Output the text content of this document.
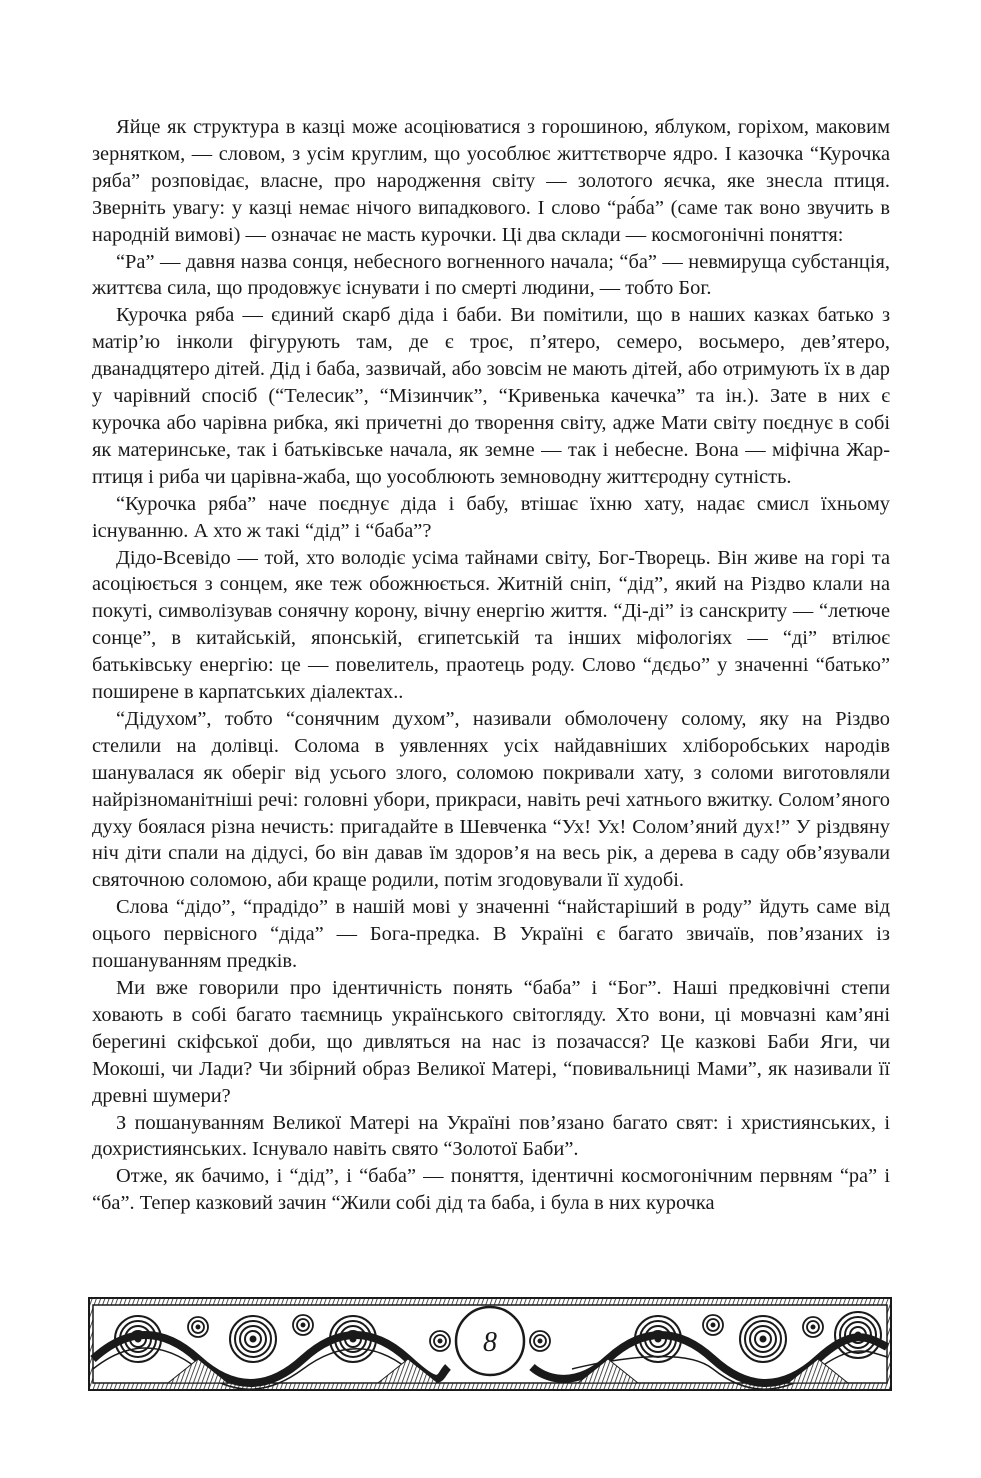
Яйце як структура в казці може асоціюватися з горошиною, яблуком, горіхом, маковим зернятком, — словом, з усім круглим, що уособлює життєтворче ядро. І казочка “Курочка ряба” розповідає, власне, про народження світу — золотого яєчка, яке знесла птиця. Зверніть увагу: у казці немає нічого випадкового. І слово “ра́ба” (саме так воно звучить в народній вимові) — означає не масть курочки. Ці два склади — космогонічні поняття:

“Ра” — давня назва сонця, небесного вогненного начала; “ба” — невмируща субстанція, життєва сила, що продовжує існувати і по смерті людини, — тобто Бог.

Курочка ряба — єдиний скарб діда і баби. Ви помітили, що в наших казках батько з матір’ю інколи фігурують там, де є троє, п’ятеро, семеро, восьмеро, дев’ятеро, дванадцятеро дітей. Дід і баба, зазвичай, або зовсім не мають дітей, або отримують їх в дар у чарівний спосіб (“Телесик”, “Мізинчик”, “Кривенька качечка” та ін.). Зате в них є курочка або чарівна рибка, які причетні до творення світу, адже Мати світу поєднує в собі як материнське, так і батьківське начала, як земне — так і небесне. Вона — міфічна Жар-птиця і риба чи царівна-жаба, що уособлюють земноводну життєродну сутність.

“Курочка ряба” наче поєднує діда і бабу, втішає їхню хату, надає смисл їхньому існуванню. А хто ж такі “дід” і “баба”?

Дідо-Всевідо — той, хто володіє усіма тайнами світу, Бог-Творець. Він живе на горі та асоціюється з сонцем, яке теж обожнюється. Житній сніп, “дід”, який на Різдво клали на покуті, символізував сонячну корону, вічну енергію життя. “Ді-ді” із санскриту — “летюче сонце”, в китайській, японській, єгипетській та інших міфологіях — “ді” втілює батьківську енергію: це — повелитель, праотець роду. Слово “дєдьо” у значенні “батько” поширене в карпатських діалектах..

“Дідухом”, тобто “сонячним духом”, називали обмолочену солому, яку на Різдво стелили на долівці. Солома в уявленнях усіх найдавніших хліборобських народів шанувалася як оберіг від усього злого, соломою покривали хату, з соломи виготовляли найрізноманітніші речі: головні убори, прикраси, навіть речі хатнього вжитку. Солом’яного духу боялася різна нечисть: пригадайте в Шевченка “Ух! Ух! Солом’яний дух!” У різдвяну ніч діти спали на дідусі, бо він давав їм здоров’я на весь рік, а дерева в саду обв’язували святочною соломою, аби краще родили, потім згодовували її худобі.

Слова “дідо”, “прадідо” в нашій мові у значенні “найстаріший в роду” йдуть саме від оцього первісного “діда” — Бога-предка. В Україні є багато звичаїв, пов’язаних із пошануванням предків.

Ми вже говорили про ідентичність понять “баба” і “Бог”. Наші предковічні степи ховають в собі багато таємниць українського світогляду. Хто вони, ці мовчазні кам’яні берегині скіфської доби, що дивляться на нас із позачасся? Це казкові Баби Яги, чи Мокоші, чи Лади? Чи збірний образ Великої Матері, “повивальниці Мами”, як називали її древні шумери?

З пошануванням Великої Матері на Україні пов’язано багато свят: і християнських, і дохристиянських. Існувало навіть свято “Золотої Баби”.

Отже, як бачимо, і “дід”, і “баба” — поняття, ідентичні космогонічним первням “ра” і “ба”. Тепер казковий зачин “Жили собі дід та баба, і була в них курочка

8
